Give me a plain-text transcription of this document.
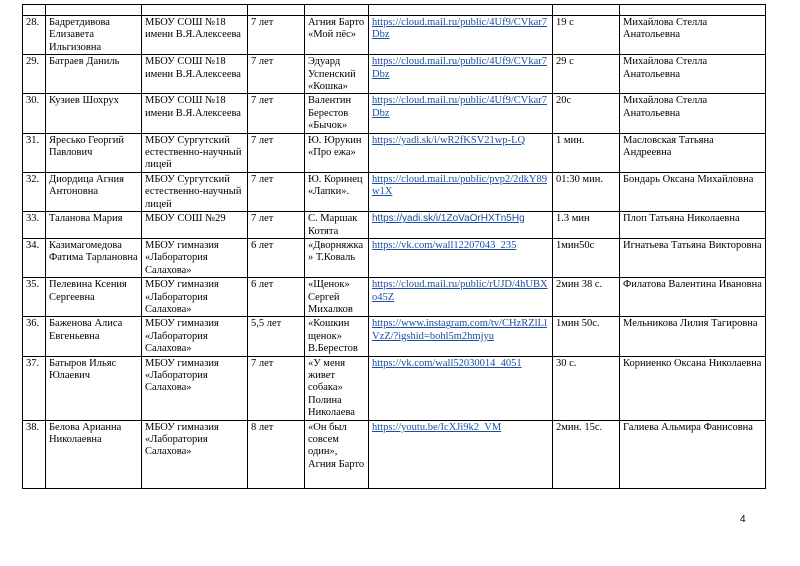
28.	Бадретдивова Елизавета Ильгизовна	МБОУ СОШ №18 имени В.Я.Алексеева	7 лет	Агния Барто «Мой пёс»	https://cloud.mail.ru/public/4Uf9/CVkar7Dbz	19 с	Михайлова Стелла Анатольевна
29.	Батраев Даниль	МБОУ СОШ №18 имени В.Я.Алексеева	7 лет	Эдуард Успенский «Кошка»	https://cloud.mail.ru/public/4Uf9/CVkar7Dbz	29 с	Михайлова Стелла Анатольевна
30.	Кузиев Шохрух	МБОУ СОШ №18 имени В.Я.Алексеева	7 лет	Валентин Берестов «Бычок»	https://cloud.mail.ru/public/4Uf9/CVkar7Dbz	20с	Михайлова Стелла Анатольевна
31.	Яресько Георгий Павлович	МБОУ Сургутский естественно-научный лицей	7 лет	Ю. Юрукин «Про ежа»	https://yadi.sk/i/wR2fKSV21wp-LQ	1 мин.	Масловская Татьяна Андреевна
32.	Диордица Агния Антоновна	МБОУ Сургутский естественно-научный лицей	7 лет	Ю. Коринец «Лапки».	https://cloud.mail.ru/public/pvp2/2dkY89w1X	01:30 мин.	Бондарь Оксана Михайловна
33.	Таланова Мария	МБОУ СОШ №29	7 лет	С. Маршак Котята	https://yadi.sk/i/1ZoVaOrHXTn5Hg	1.3 мин	Плоп Татьяна Николаевна
34.	Казимагомедова Фатима Тарлановна	МБОУ гимназия «Лаборатория Салахова»	6 лет	«Дворняжка» Т.Коваль	https://vk.com/wall12207043_235	1мин50с	Игнатьева Татьяна Викторовна
35.	Пелевина Ксения Сергеевна	МБОУ гимназия «Лаборатория Салахова»	6 лет	«Щенок» Сергей Михалков	https://cloud.mail.ru/public/rUJD/4hUBXo45Z	2мин 38 с.	Филатова Валентина Ивановна
36.	Баженова Алиса Евгеньевна	МБОУ гимназия «Лаборатория Салахова»	5,5 лет	«Кошкин щенок» В.Берестов	https://www.instagram.com/tv/CHzRZlLlVzZ/?igshid=bohl5m2hmjyu	1мин 50с.	Мельникова Лилия Тагировна
37.	Батыров Ильяс Юлаевич	МБОУ гимназия «Лаборатория Салахова»	7 лет	«У меня живет собака» Полина Николаева	https://vk.com/wall52030014_4051	30 с.	Корниенко Оксана Николаевна
38.	Белова Арианна Николаевна	МБОУ гимназия «Лаборатория Салахова»	8 лет	«Он был совсем один», Агния Барто	https://youtu.be/IcXJi9k2_VM	2мин. 15с.	Галиева Альмира Фанисовна
4
